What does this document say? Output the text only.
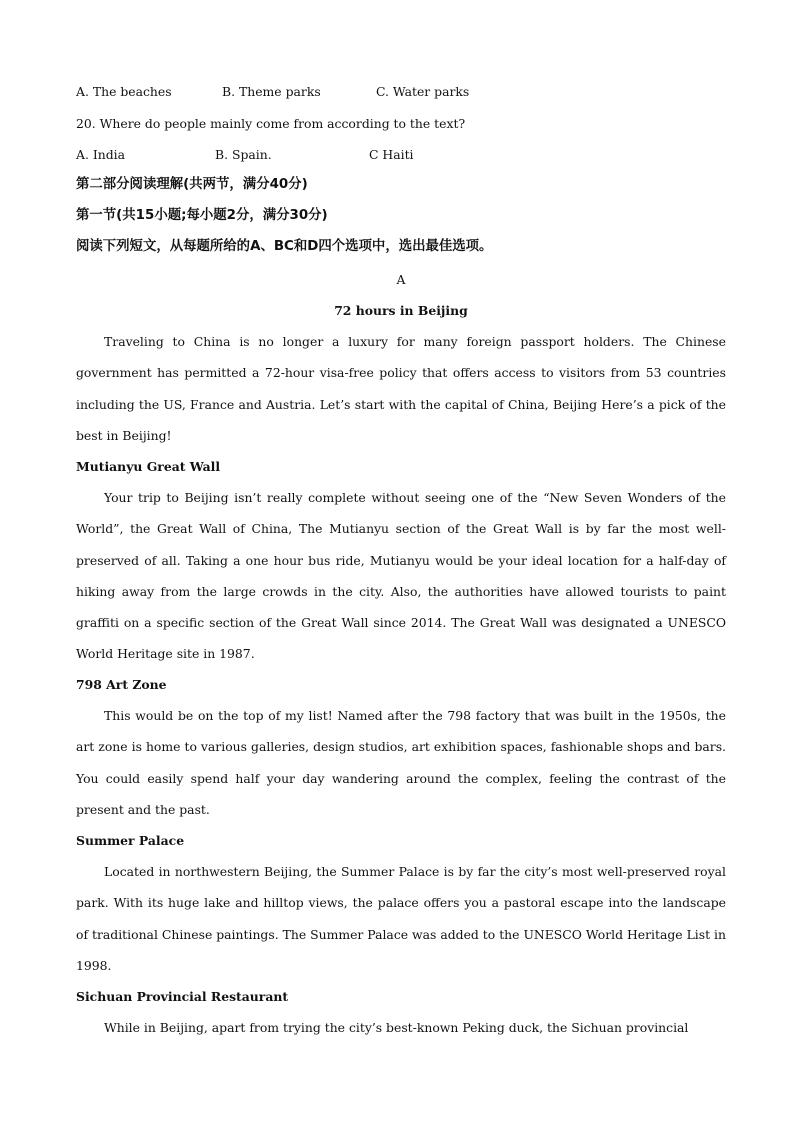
A. The beaches	B. Theme parks	C. Water parks
20. Where do people mainly come from according to the text?
A. India	B. Spain.	C Haiti
第二部分阅读理解(共两节，满分40分)
第一节(共15小题;每小题2分，满分30分)
阅读下列短文，从每题所给的A、BC和D四个选项中，选出最佳选项。
A
72 hours in Beijing
Traveling to China is no longer a luxury for many foreign passport holders. The Chinese government has permitted a 72-hour visa-free policy that offers access to visitors from 53 countries including the US, France and Austria. Let’s start with the capital of China, Beijing Here’s a pick of the best in Beijing!
Mutianyu Great Wall
Your trip to Beijing isn’t really complete without seeing one of the “New Seven Wonders of the World”, the Great Wall of China, The Mutianyu section of the Great Wall is by far the most well-preserved of all. Taking a one hour bus ride, Mutianyu would be your ideal location for a half-day of hiking away from the large crowds in the city. Also, the authorities have allowed tourists to paint graffiti on a specific section of the Great Wall since 2014. The Great Wall was designated a UNESCO World Heritage site in 1987.
798 Art Zone
This would be on the top of my list! Named after the 798 factory that was built in the 1950s, the art zone is home to various galleries, design studios, art exhibition spaces, fashionable shops and bars. You could easily spend half your day wandering around the complex, feeling the contrast of the present and the past.
Summer Palace
Located in northwestern Beijing, the Summer Palace is by far the city’s most well-preserved royal park. With its huge lake and hilltop views, the palace offers you a pastoral escape into the landscape of traditional Chinese paintings. The Summer Palace was added to the UNESCO World Heritage List in 1998.
Sichuan Provincial Restaurant
While in Beijing, apart from trying the city’s best-known Peking duck, the Sichuan provincial
